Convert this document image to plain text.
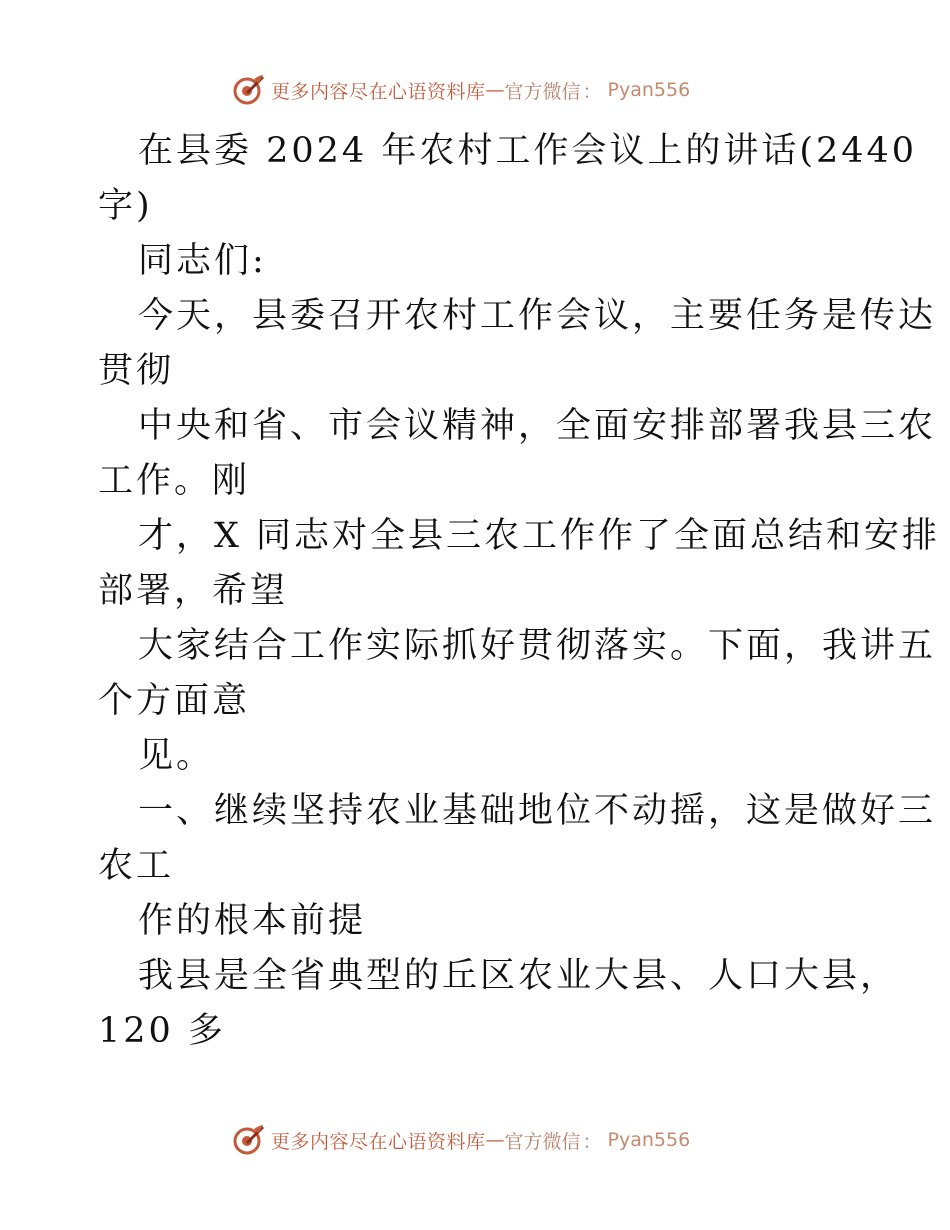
更多内容尽在心语资料库 — 官方微信 ： Pyan556
在县委 2024 年农村工作会议上的讲话(2440
字)
同志们:
今天，县委召开农村工作会议，主要任务是传达
贯彻
中央和省、市会议精神，全面安排部署我县三农
工作。刚
才，X 同志对全县三农工作作了全面总结和安排
部署，希望
大家结合工作实际抓好贯彻落实。下面，我讲五
个方面意
见。
一、继续坚持农业基础地位不动摇，这是做好三
农工
作的根本前提
我县是全省典型的丘区农业大县、人口大县，
120 多
更多内容尽在心语资料库 — 官方微信 ： Pyan556
